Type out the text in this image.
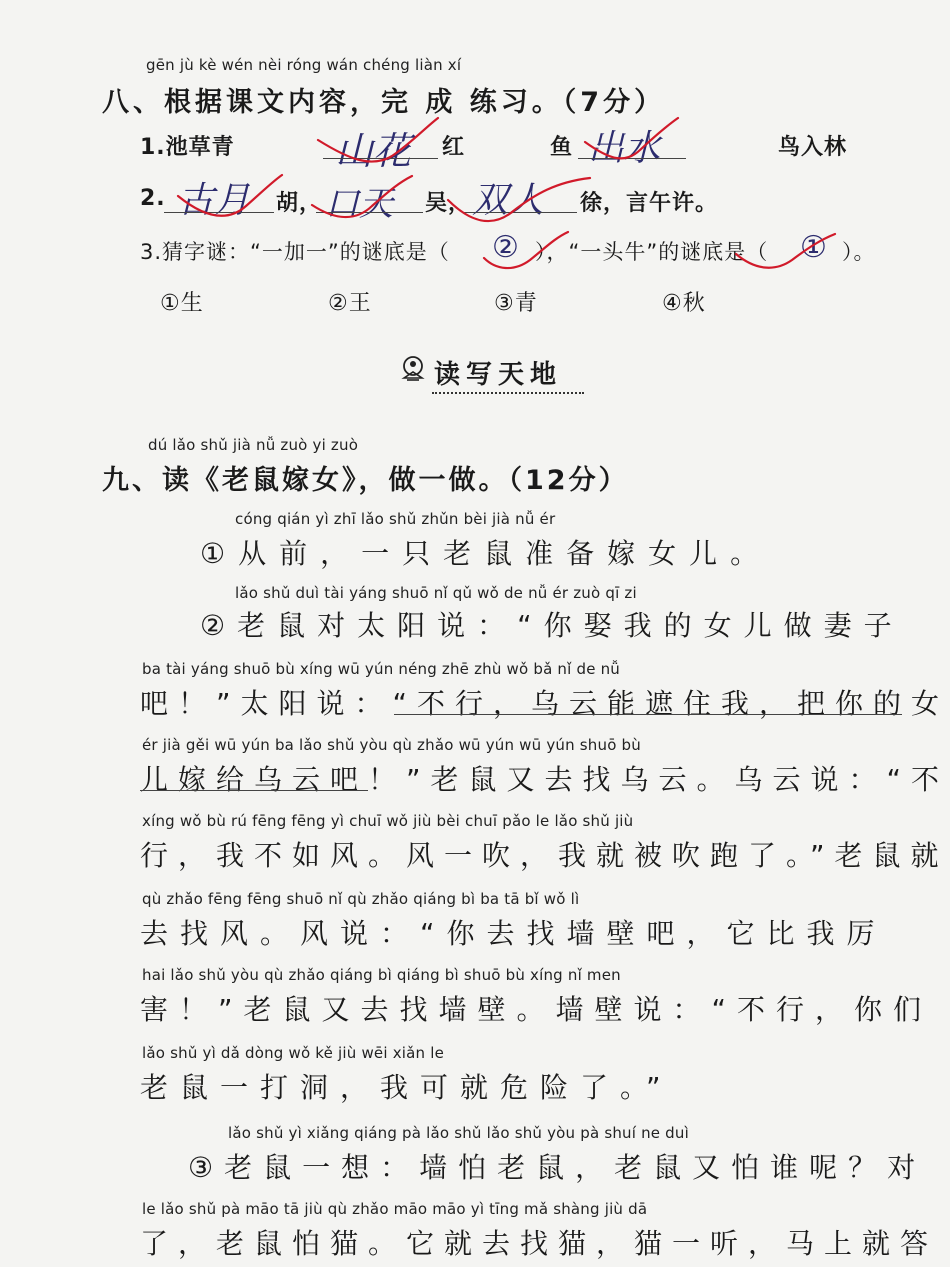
gēn jù kè wén nèi róng wán chéng liàn xí
八、根据课文内容，完 成 练习。（7分）
1.池草青	山花 红	鱼 出水	鸟入林
2. 古月 胡， 口天 吴， 双人 徐，言午许。
3.猜字谜：“一加一”的谜底是（ ② ），“一头牛”的谜底是（ ① ）。
①生	②王	③青	④秋
读写天地
dú lǎo shǔ jià nǚ zuò yi zuò
九、读《老鼠嫁女》，做一做。（12分）
cóng qián yì zhī lǎo shǔ zhǔn bèi jià nǚ ér
①从前，一只老鼠准备嫁女儿。
lǎo shǔ duì tài yáng shuō nǐ qǔ wǒ de nǚ ér zuò qī zi
②老鼠对太阳说：“你娶我的女儿做妻子
ba tài yáng shuō bù xíng wū yún néng zhē zhù wǒ bǎ nǐ de nǚ
吧！”太阳说：“不行，乌云能遮住我，把你的女
ér jià gěi wū yún ba lǎo shǔ yòu qù zhǎo wū yún wū yún shuō bù
儿嫁给乌云吧！”老鼠又去找乌云。乌云说：“不
xíng wǒ bù rú fēng fēng yì chuī wǒ jiù bèi chuī pǎo le lǎo shǔ jiù
行，我不如风。风一吹，我就被吹跑了。”老鼠就
qù zhǎo fēng fēng shuō nǐ qù zhǎo qiáng bì ba tā bǐ wǒ lì
去找风。风说：“你去找墙壁吧，它比我厉
hai lǎo shǔ yòu qù zhǎo qiáng bì qiáng bì shuō bù xíng nǐ men
害！”老鼠又去找墙壁。墙壁说：“不行，你们
lǎo shǔ yì dǎ dòng wǒ kě jiù wēi xiǎn le
老鼠一打洞，我可就危险了。”
lǎo shǔ yì xiǎng qiáng pà lǎo shǔ lǎo shǔ yòu pà shuí ne duì
③老鼠一想：墙怕老鼠，老鼠又怕谁呢？对
le lǎo shǔ pà māo tā jiù qù zhǎo māo māo yì tīng mǎ shàng jiù dā
了，老鼠怕猫。它就去找猫，猫一听，马上就答
